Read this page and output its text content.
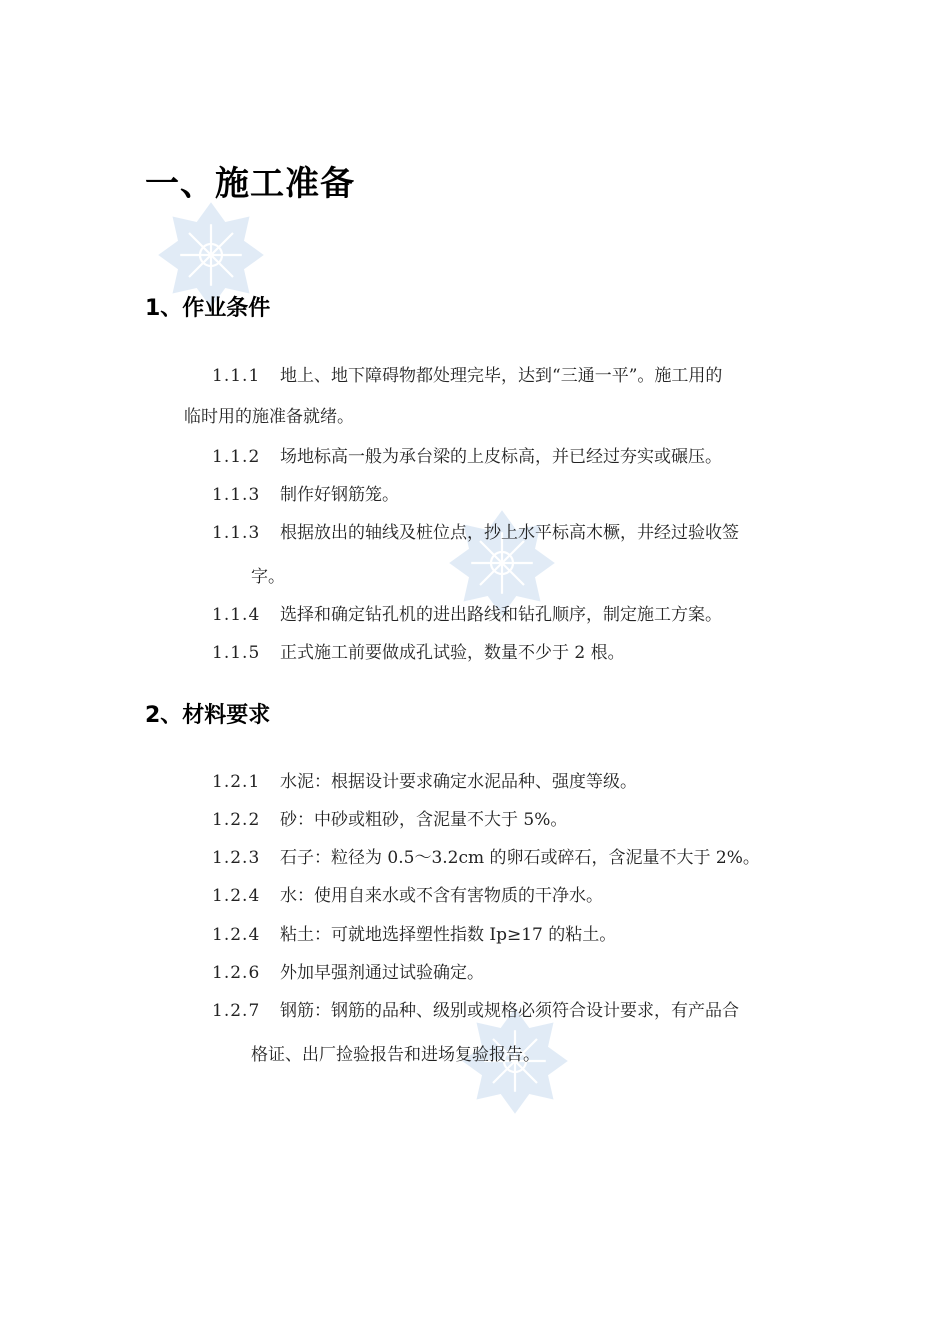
一、施工准备
1、作业条件

1.1.1 地上、地下障碍物都处理完毕，达到“三通一平”。施工用的

临时用的施准备就绪。

1.1.2 场地标高一般为承台梁的上皮标高，并已经过夯实或碾压。

1.1.3 制作好钢筋笼。

1.1.3 根据放出的轴线及桩位点，抄上水平标高木橛，井经过验收签

字。

1.1.4 选择和确定钻孔机的进出路线和钻孔顺序，制定施工方案。

1.1.5 正式施工前要做成孔试验，数量不少于 2 根。

2、材料要求

1.2.1 水泥：根据设计要求确定水泥品种、强度等级。

1.2.2 砂：中砂或粗砂，含泥量不大于 5%。

1.2.3 石子：粒径为 0.5～3.2cm 的卵石或碎石，含泥量不大于 2%。

1.2.4 水：使用自来水或不含有害物质的干净水。

1.2.4 粘土：可就地选择塑性指数 Ip≥17 的粘土。

1.2.6 外加早强剂通过试验确定。

1.2.7 钢筋：钢筋的品种、级别或规格必须符合设计要求，有产品合

格证、出厂捡验报告和进场复验报告。
